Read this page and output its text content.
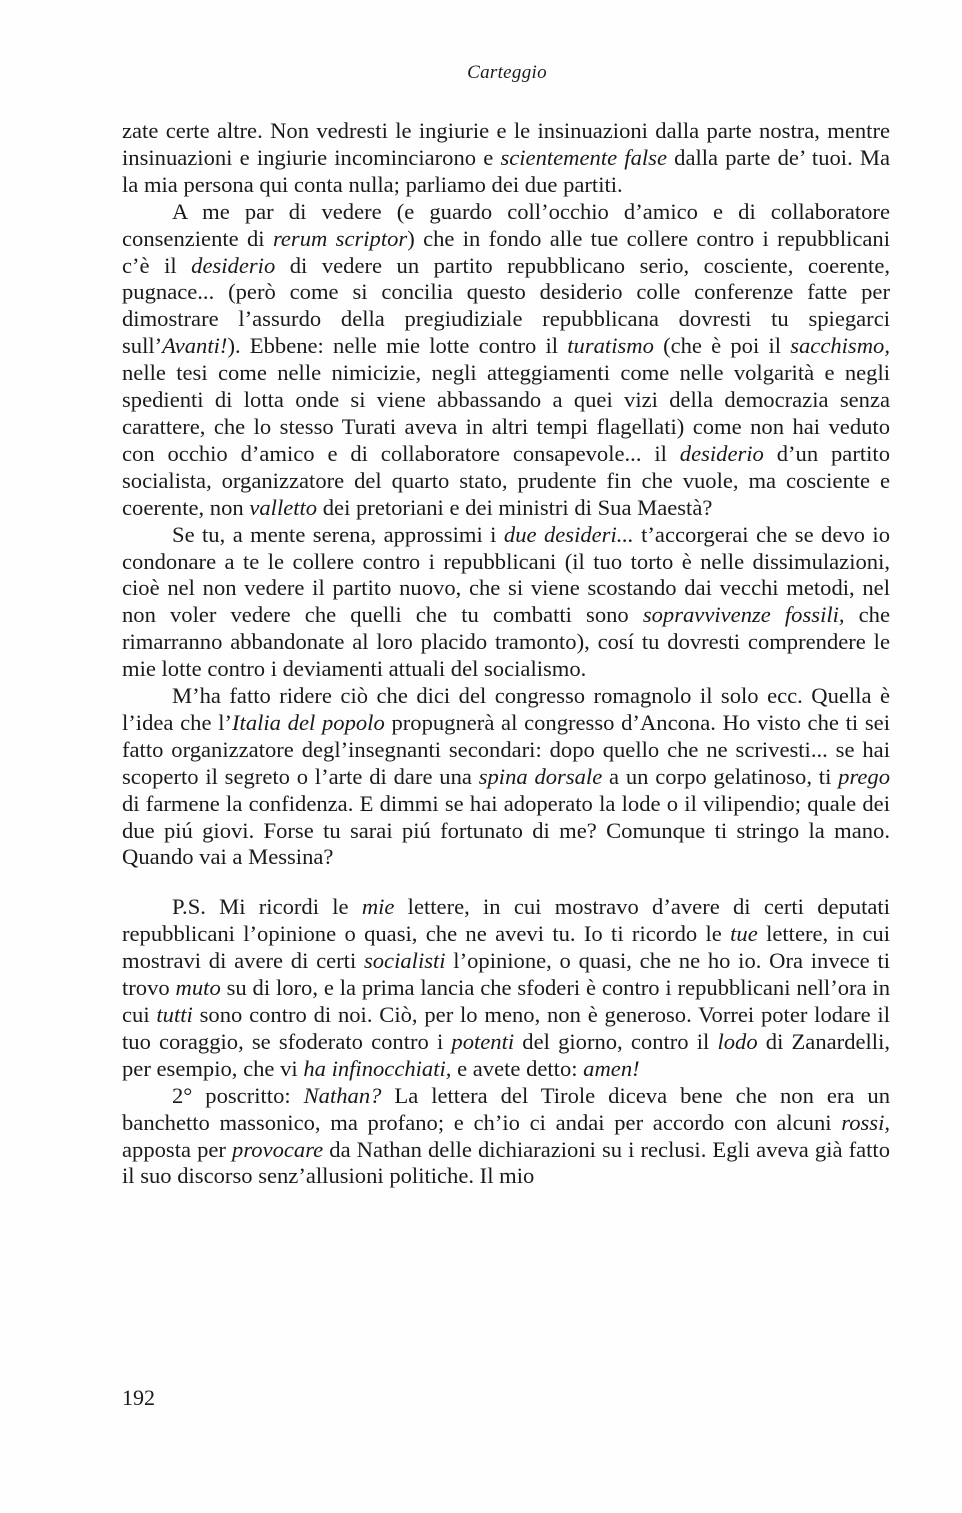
Carteggio

zate certe altre. Non vedresti le ingiurie e le insinuazioni dalla parte nostra, mentre insinuazioni e ingiurie incominciarono e scientemente false dalla parte de’ tuoi. Ma la mia persona qui conta nulla; parliamo dei due partiti.

A me par di vedere (e guardo coll’occhio d’amico e di collaboratore consenziente di rerum scriptor) che in fondo alle tue collere contro i repubblicani c’è il desiderio di vedere un partito repubblicano serio, cosciente, coerente, pugnace... (però come si concilia questo desiderio colle conferenze fatte per dimostrare l’assurdo della pregiudiziale repubblicana dovresti tu spiegarci sull’Avanti!). Ebbene: nelle mie lotte contro il turatismo (che è poi il sacchismo, nelle tesi come nelle nimicizie, negli atteggiamenti come nelle volgarità e negli spedienti di lotta onde si viene abbassando a quei vizi della democrazia senza carattere, che lo stesso Turati aveva in altri tempi flagellati) come non hai veduto con occhio d’amico e di collaboratore consapevole... il desiderio d’un partito socialista, organizzatore del quarto stato, prudente fin che vuole, ma cosciente e coerente, non valletto dei pretoriani e dei ministri di Sua Maestà?

Se tu, a mente serena, approssimi i due desideri... t’accorgerai che se devo io condonare a te le collere contro i repubblicani (il tuo torto è nelle dissimulazioni, cioè nel non vedere il partito nuovo, che si viene scostando dai vecchi metodi, nel non voler vedere che quelli che tu combatti sono sopravvivenze fossili, che rimarranno abbandonate al loro placido tramonto), cosí tu dovresti comprendere le mie lotte contro i deviamenti attuali del socialismo.

M’ha fatto ridere ciò che dici del congresso romagnolo il solo ecc. Quella è l’idea che l’Italia del popolo propugnerà al congresso d’Ancona. Ho visto che ti sei fatto organizzatore degl’insegnanti secondari: dopo quello che ne scrivesti... se hai scoperto il segreto o l’arte di dare una spina dorsale a un corpo gelatinoso, ti prego di farmene la confidenza. E dimmi se hai adoperato la lode o il vilipendio; quale dei due piú giovi. Forse tu sarai piú fortunato di me? Comunque ti stringo la mano. Quando vai a Messina?

P.S. Mi ricordi le mie lettere, in cui mostravo d’avere di certi deputati repubblicani l’opinione o quasi, che ne avevi tu. Io ti ricordo le tue lettere, in cui mostravi di avere di certi socialisti l’opinione, o quasi, che ne ho io. Ora invece ti trovo muto su di loro, e la prima lancia che sfoderi è contro i repubblicani nell’ora in cui tutti sono contro di noi. Ciò, per lo meno, non è generoso. Vorrei poter lodare il tuo coraggio, se sfoderato contro i potenti del giorno, contro il lodo di Zanardelli, per esempio, che vi ha infinocchiati, e avete detto: amen!

2° poscritto: Nathan? La lettera del Tirole diceva bene che non era un banchetto massonico, ma profano; e ch’io ci andai per accordo con alcuni rossi, apposta per provocare da Nathan delle dichiarazioni su i reclusi. Egli aveva già fatto il suo discorso senz’allusioni politiche. Il mio

192
